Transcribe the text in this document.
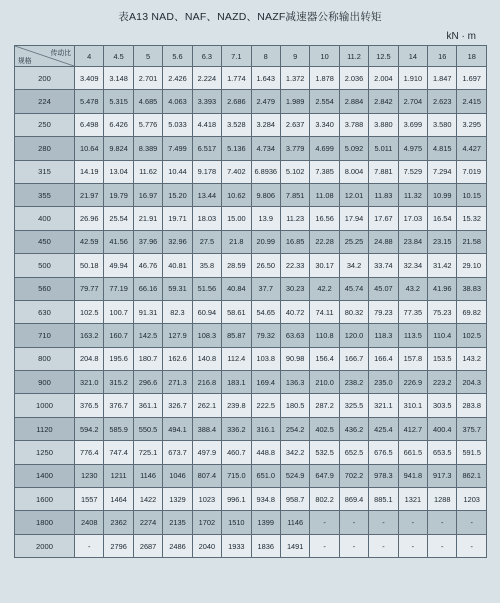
表A13 NAD、NAF、NAZD、NAZF减速器公称输出转矩
kN · m
传动比
规格	4	4.5	5	5.6	6.3	7.1	8	9	10	11.2	12.5	14	16	18
200	3.409	3.148	2.701	2.426	2.224	1.774	1.643	1.372	1.878	2.036	2.004	1.910	1.847	1.697
224	5.478	5.315	4.685	4.063	3.393	2.686	2.479	1.989	2.554	2.884	2.842	2.704	2.623	2.415
250	6.498	6.426	5.776	5.033	4.418	3.528	3.284	2.637	3.340	3.788	3.880	3.699	3.580	3.295
280	10.64	9.824	8.389	7.499	6.517	5.136	4.734	3.779	4.699	5.092	5.011	4.975	4.815	4.427
315	14.19	13.04	11.62	10.44	9.178	7.402	6.8936	5.102	7.385	8.004	7.881	7.529	7.294	7.019
355	21.97	19.79	16.97	15.20	13.44	10.62	9.806	7.851	11.08	12.01	11.83	11.32	10.99	10.15
400	26.96	25.54	21.91	19.71	18.03	15.00	13.9	11.23	16.56	17.94	17.67	17.03	16.54	15.32
450	42.59	41.56	37.96	32.96	27.5	21.8	20.99	16.85	22.28	25.25	24.88	23.84	23.15	21.58
500	50.18	49.94	46.76	40.81	35.8	28.59	26.50	22.33	30.17	34.2	33.74	32.34	31.42	29.10
560	79.77	77.19	66.16	59.31	51.56	40.84	37.7	30.23	42.2	45.74	45.07	43.2	41.96	38.83
630	102.5	100.7	91.31	82.3	60.94	58.61	54.65	40.72	74.11	80.32	79.23	77.35	75.23	69.82
710	163.2	160.7	142.5	127.9	108.3	85.87	79.32	63.63	110.8	120.0	118.3	113.5	110.4	102.5
800	204.8	195.6	180.7	162.6	140.8	112.4	103.8	90.98	156.4	166.7	166.4	157.8	153.5	143.2
900	321.0	315.2	296.6	271.3	216.8	183.1	169.4	136.3	210.0	238.2	235.0	226.9	223.2	204.3
1000	376.5	376.7	361.1	326.7	262.1	239.8	222.5	180.5	287.2	325.5	321.1	310.1	303.5	283.8
1120	594.2	585.9	550.5	494.1	388.4	336.2	316.1	254.2	402.5	436.2	425.4	412.7	400.4	375.7
1250	776.4	747.4	725.1	673.7	497.9	460.7	448.8	342.2	532.5	652.5	676.5	661.5	653.5	591.5
1400	1230	1211	1146	1046	807.4	715.0	651.0	524.9	647.9	702.2	978.3	941.8	917.3	862.1
1600	1557	1464	1422	1329	1023	996.1	934.8	958.7	802.2	869.4	885.1	1321	1288	1203
1800	2408	2362	2274	2135	1702	1510	1399	1146	-	-	-	-	-	-
2000	-	2796	2687	2486	2040	1933	1836	1491	-	-	-	-	-	-
